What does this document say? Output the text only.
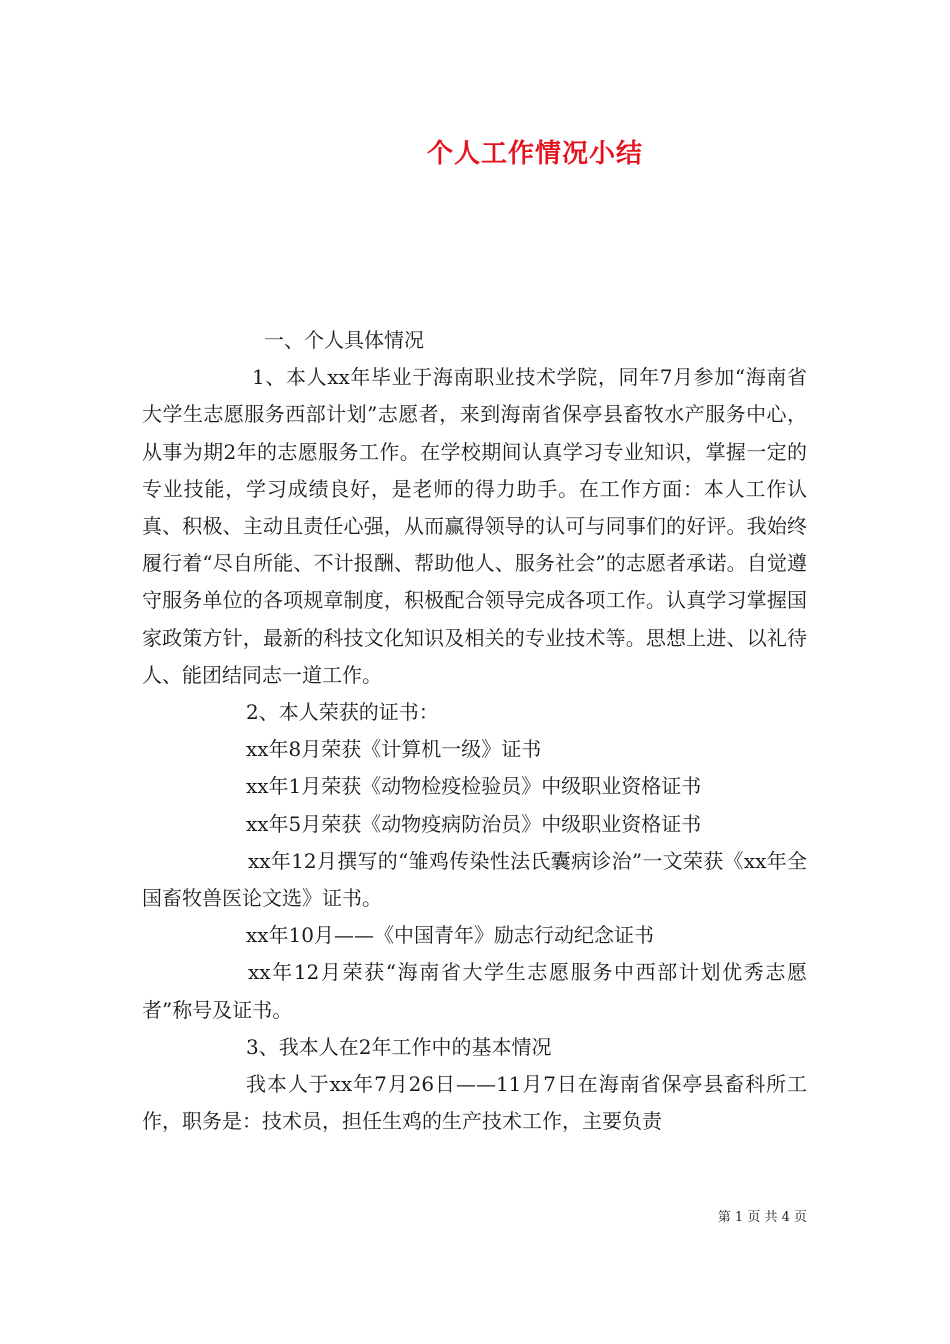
个人工作情况小结

一、个人具体情况

1、本人xx年毕业于海南职业技术学院，同年7月参加“海南省大学生志愿服务西部计划”志愿者，来到海南省保亭县畜牧水产服务中心，从事为期2年的志愿服务工作。在学校期间认真学习专业知识，掌握一定的专业技能，学习成绩良好，是老师的得力助手。在工作方面：本人工作认真、积极、主动且责任心强，从而赢得领导的认可与同事们的好评。我始终履行着“尽自所能、不计报酬、帮助他人、服务社会”的志愿者承诺。自觉遵守服务单位的各项规章制度，积极配合领导完成各项工作。认真学习掌握国家政策方针，最新的科技文化知识及相关的专业技术等。思想上进、以礼待人、能团结同志一道工作。

2、本人荣获的证书：

xx年8月荣获《计算机一级》证书

xx年1月荣获《动物检疫检验员》中级职业资格证书

xx年5月荣获《动物疫病防治员》中级职业资格证书

xx年12月撰写的“雏鸡传染性法氏囊病诊治”一文荣获《xx年全国畜牧兽医论文选》证书。

xx年10月——《中国青年》励志行动纪念证书

xx年12月荣获“海南省大学生志愿服务中西部计划优秀志愿者”称号及证书。

3、我本人在2年工作中的基本情况

我本人于xx年7月26日——11月7日在海南省保亭县畜科所工作，职务是：技术员，担任生鸡的生产技术工作，主要负责

第 1 页 共 4 页
